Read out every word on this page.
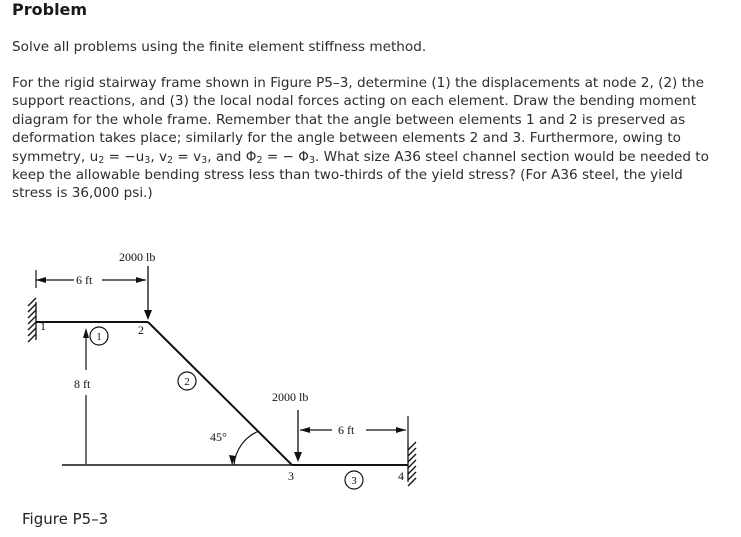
Problem
Solve all problems using the finite element stiffness method.
For the rigid stairway frame shown in Figure P5–3, determine (1) the displacements at node 2, (2) the
support reactions, and (3) the local nodal forces acting on each element. Draw the bending moment
diagram for the whole frame. Remember that the angle between elements 1 and 2 is preserved as
deformation takes place; similarly for the angle between elements 2 and 3. Furthermore, owing to
symmetry, $u_2 = -u_3$, $v_2 = v_3$, and $\Phi_2$ = − $\Phi_3$. What size A36 steel channel section would be needed to
keep the allowable bending stress less than two-thirds of the yield stress? (For A36 steel, the yield
stress is 36,000 psi.)
1
4
2000 lb
6 ft
8 ft
1	2
2
45°
2000 lb
6 ft
3	3
Figure P5–3
